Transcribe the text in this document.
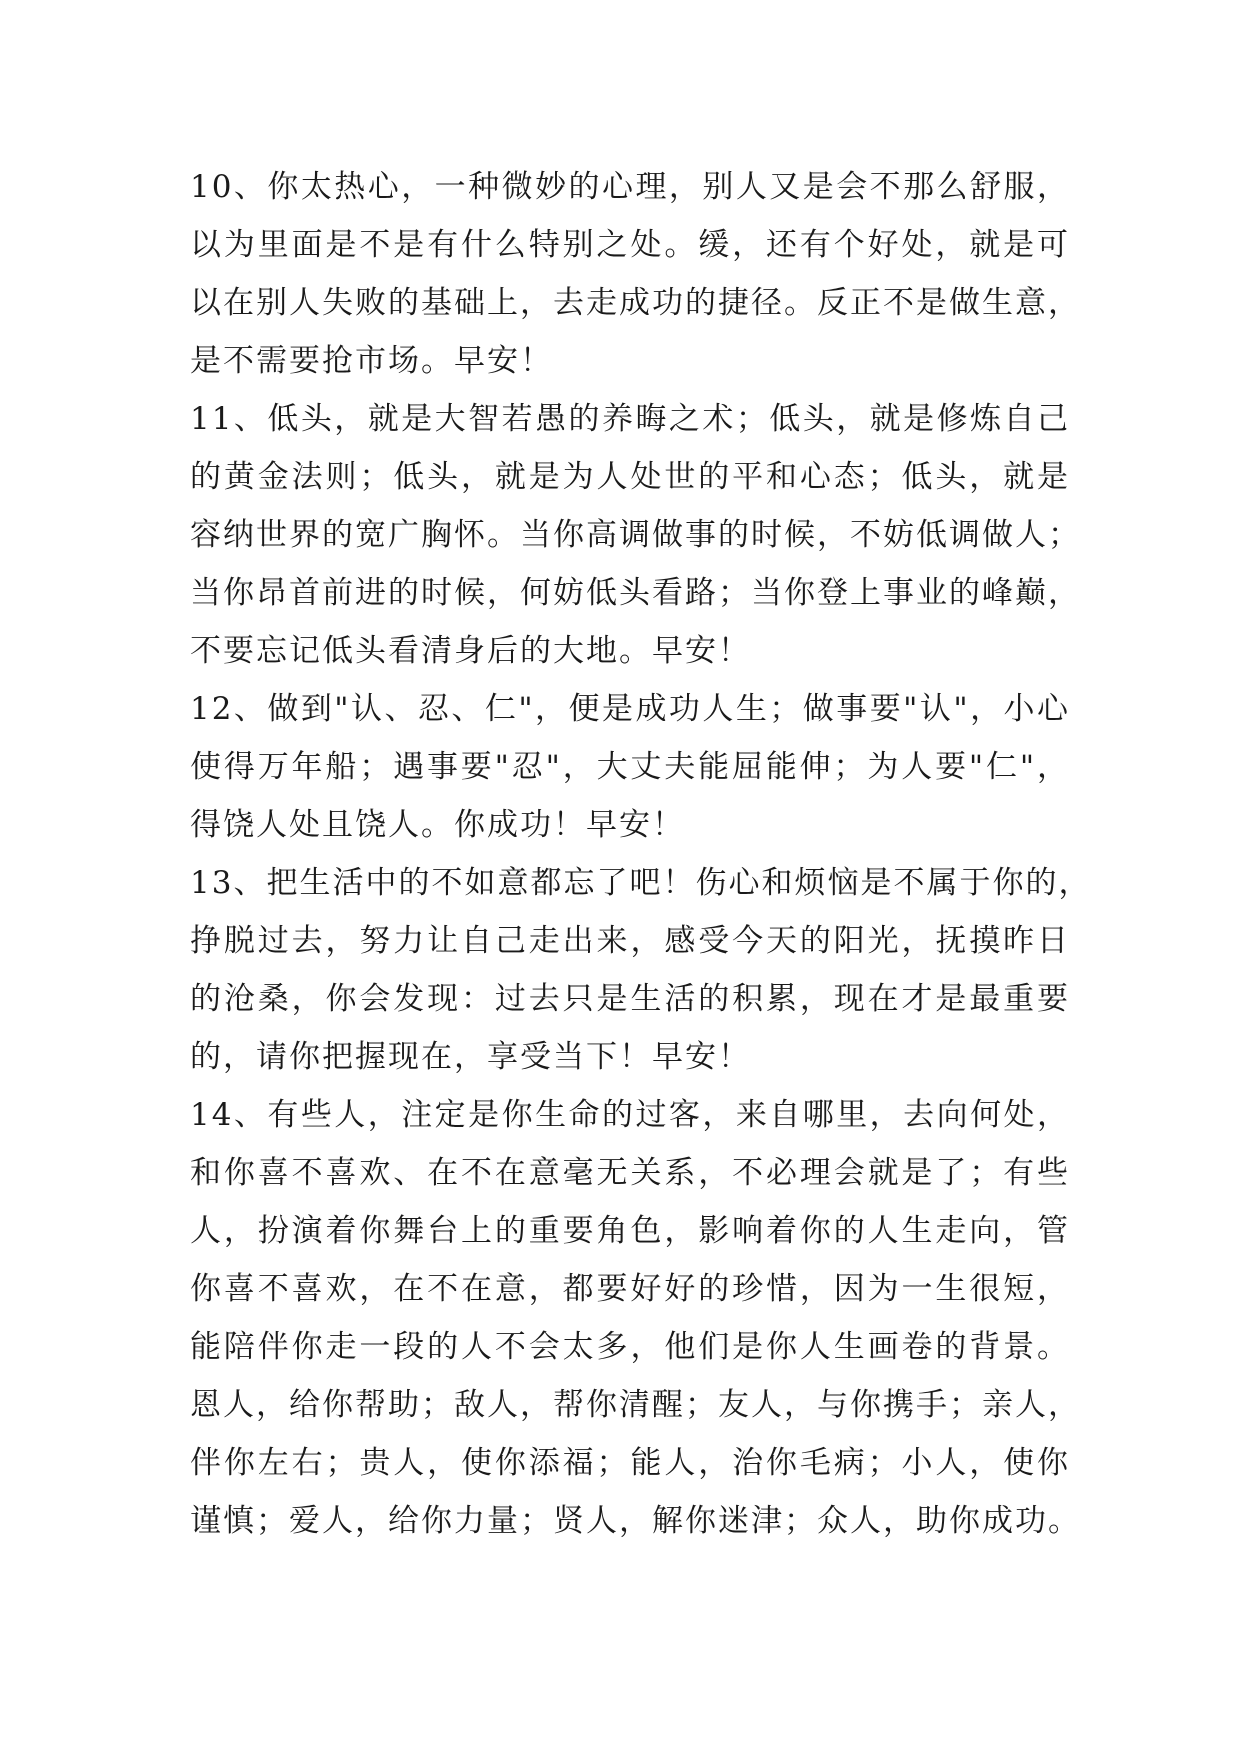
10、你太热心，一种微妙的心理，别人又是会不那么舒服，
以为里面是不是有什么特别之处。缓，还有个好处，就是可
以在别人失败的基础上，去走成功的捷径。反正不是做生意，
是不需要抢市场。早安！
11、低头，就是大智若愚的养晦之术；低头，就是修炼自己
的黄金法则；低头，就是为人处世的平和心态；低头，就是
容纳世界的宽广胸怀。当你高调做事的时候，不妨低调做人；
当你昂首前进的时候，何妨低头看路；当你登上事业的峰巅，
不要忘记低头看清身后的大地。早安！
12、做到"认、忍、仁"，便是成功人生；做事要"认"，小心
使得万年船；遇事要"忍"，大丈夫能屈能伸；为人要"仁"，
得饶人处且饶人。你成功！早安！
13、把生活中的不如意都忘了吧！伤心和烦恼是不属于你的，
挣脱过去，努力让自己走出来，感受今天的阳光，抚摸昨日
的沧桑，你会发现：过去只是生活的积累，现在才是最重要
的，请你把握现在，享受当下！早安！
14、有些人，注定是你生命的过客，来自哪里，去向何处，
和你喜不喜欢、在不在意毫无关系，不必理会就是了；有些
人，扮演着你舞台上的重要角色，影响着你的人生走向，管
你喜不喜欢，在不在意，都要好好的珍惜，因为一生很短，
能陪伴你走一段的人不会太多，他们是你人生画卷的背景。
恩人，给你帮助；敌人，帮你清醒；友人，与你携手；亲人，
伴你左右；贵人，使你添福；能人，治你毛病；小人，使你
谨慎；爱人，给你力量；贤人，解你迷津；众人，助你成功。
